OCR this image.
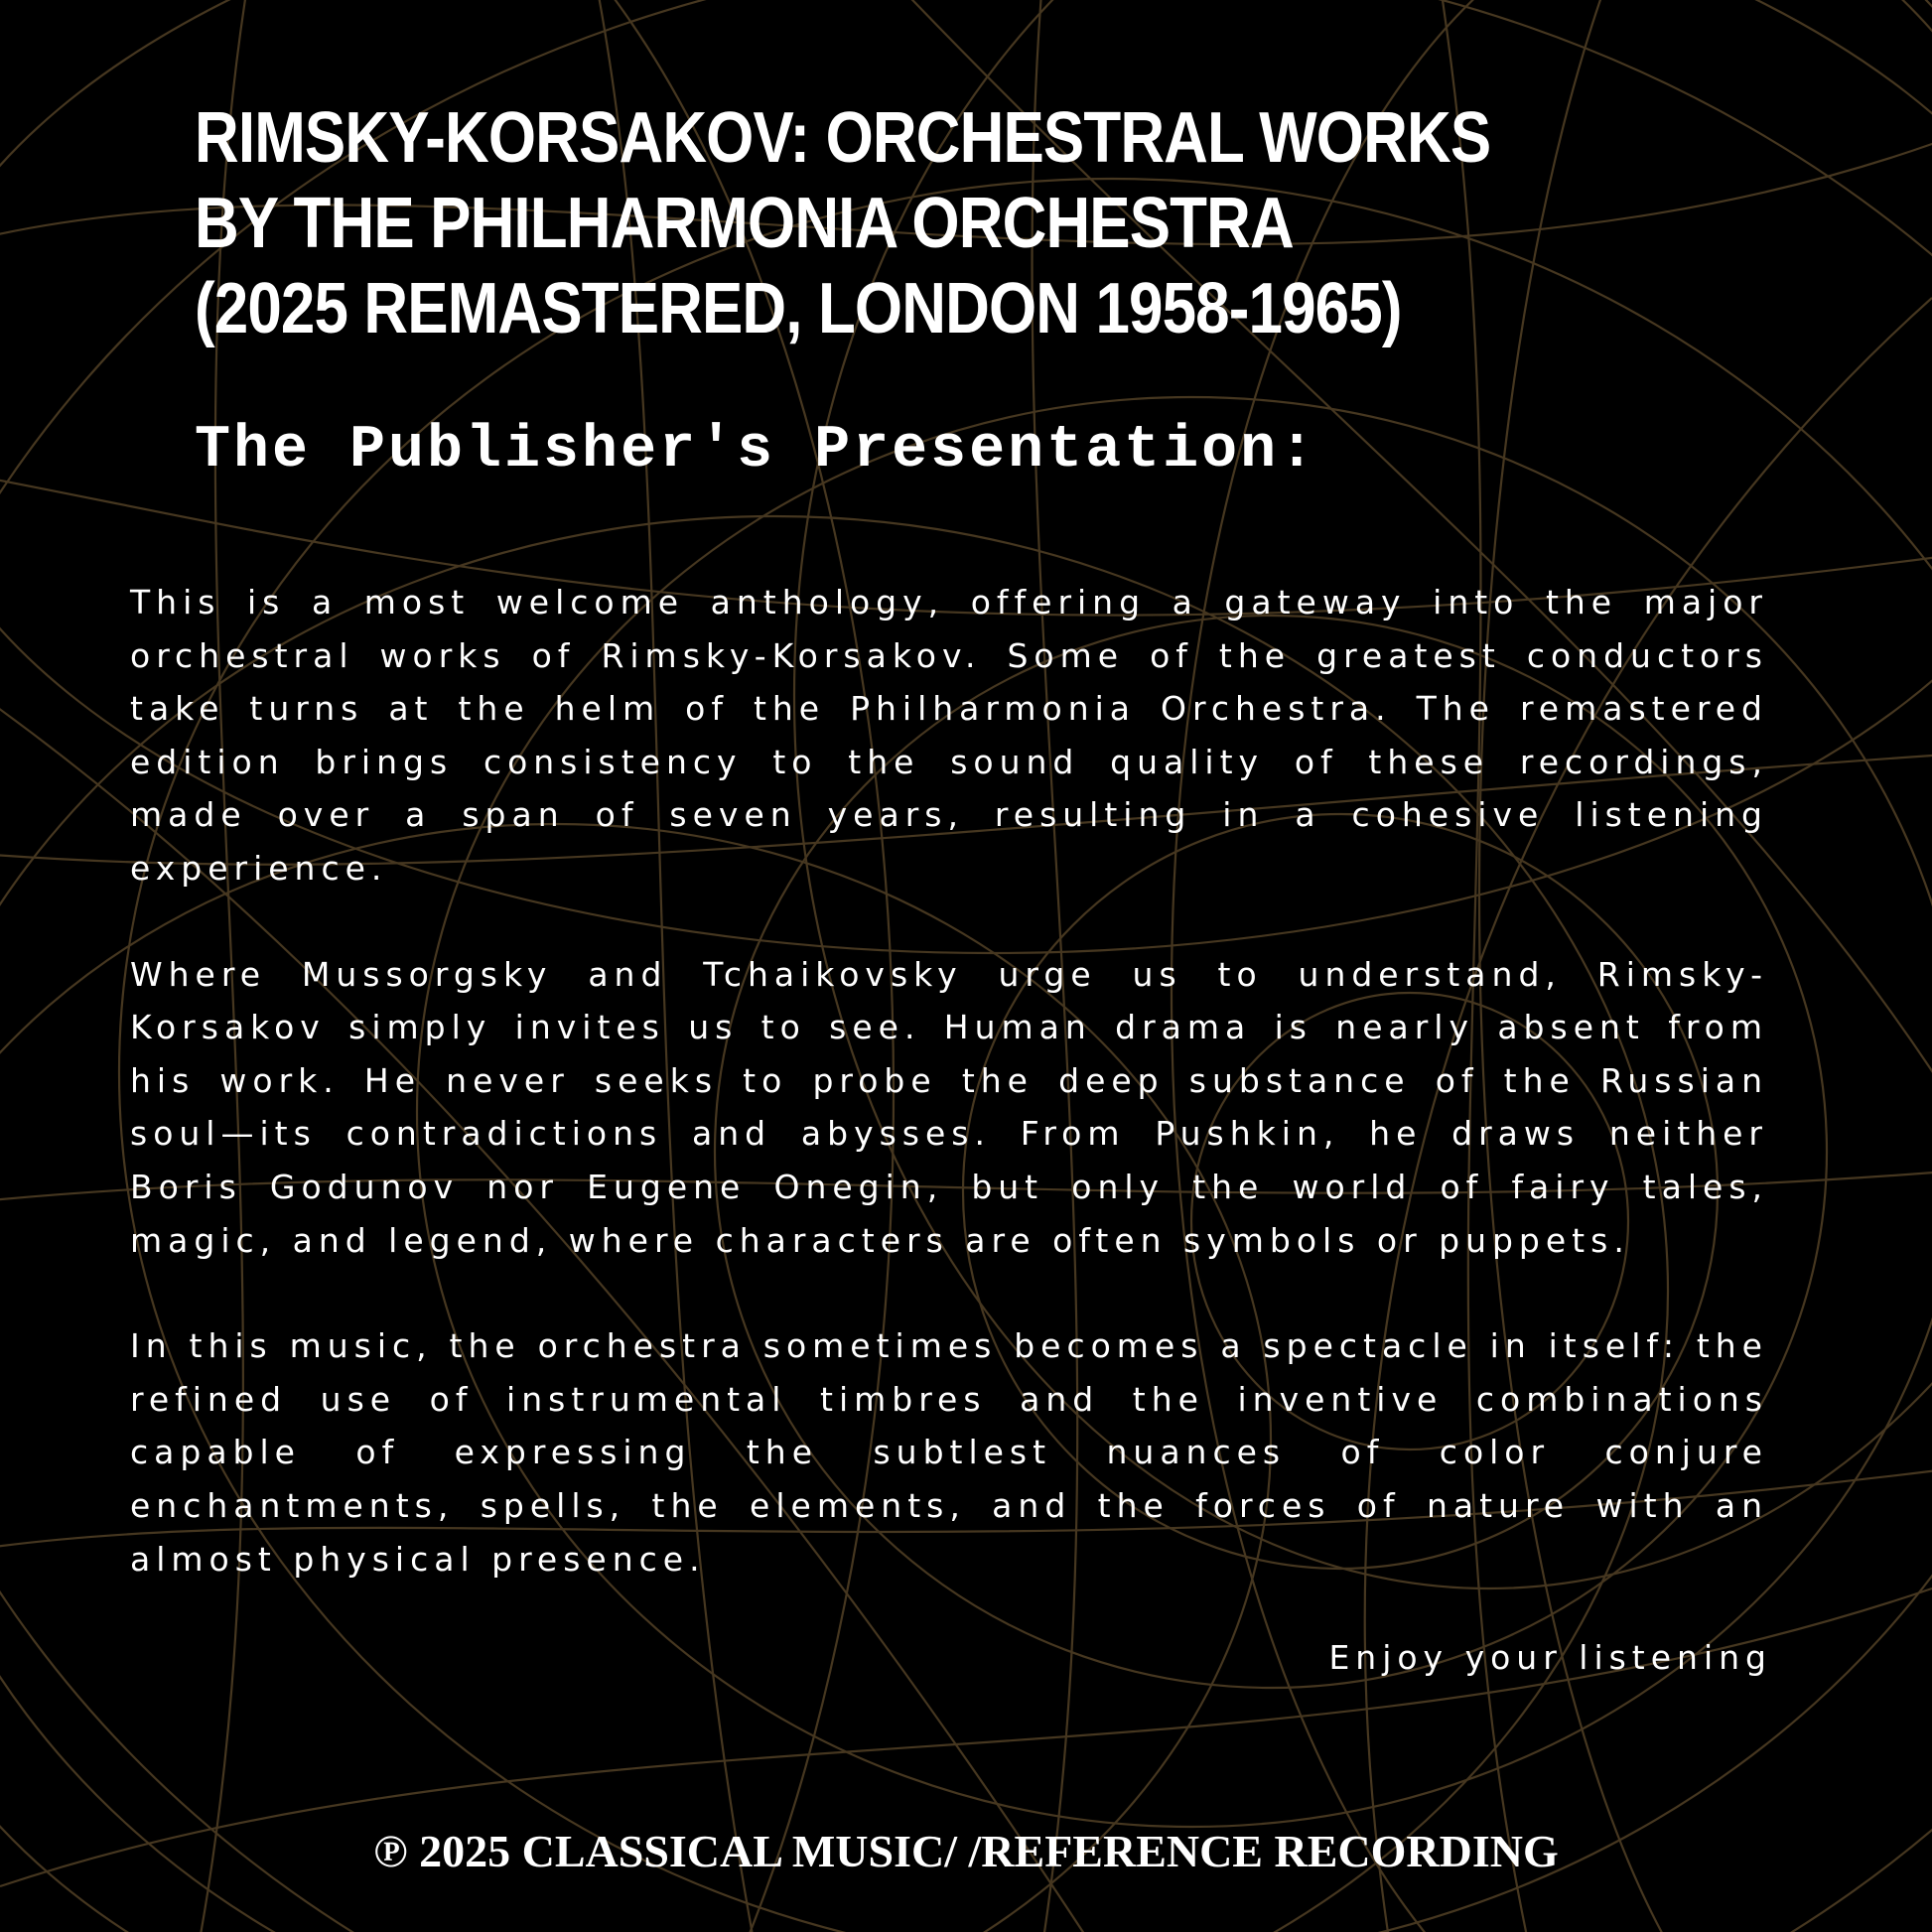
RIMSKY-KORSAKOV: ORCHESTRAL WORKS
BY THE PHILHARMONIA ORCHESTRA
(2025 REMASTERED, LONDON 1958-1965)
The Publisher's Presentation:

This is a most welcome anthology, offering a gateway into the major orchestral works of Rimsky-Korsakov. Some of the greatest conductors take turns at the helm of the Philharmonia Orchestra. The remastered edition brings consistency to the sound quality of these recordings, made over a span of seven years, resulting in a cohesive listening experience.

Where Mussorgsky and Tchaikovsky urge us to understand, Rimsky-Korsakov simply invites us to see. Human drama is nearly absent from his work. He never seeks to probe the deep substance of the Russian soul—its contradictions and abysses. From Pushkin, he draws neither Boris Godunov nor Eugene Onegin, but only the world of fairy tales, magic, and legend, where characters are often symbols or puppets.

In this music, the orchestra sometimes becomes a spectacle in itself: the refined use of instrumental timbres and the inventive combinations capable of expressing the subtlest nuances of color conjure enchantments, spells, the elements, and the forces of nature with an almost physical presence.

Enjoy your listening
℗ 2025 CLASSICAL MUSIC/ /REFERENCE RECORDING
